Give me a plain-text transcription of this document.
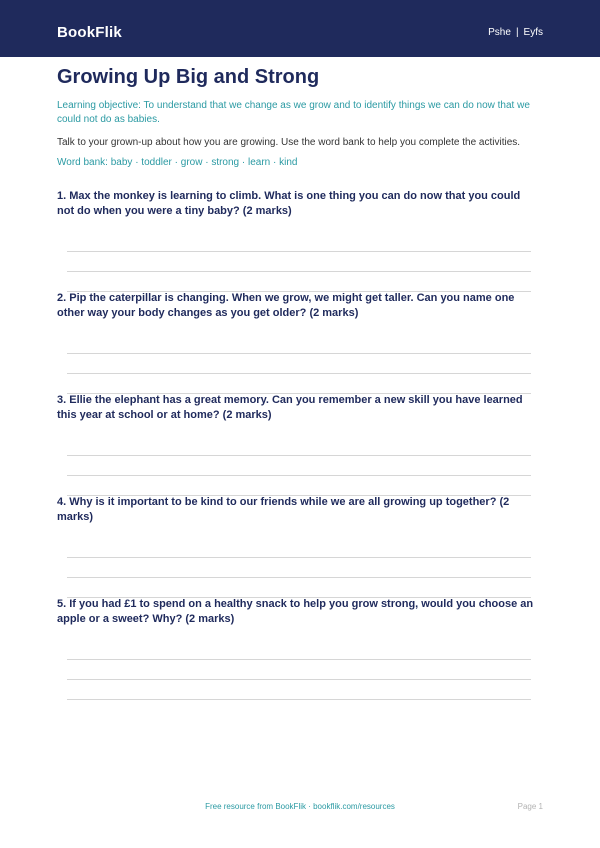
BookFlik	Pshe | Eyfs
Growing Up Big and Strong
Learning objective: To understand that we change as we grow and to identify things we can do now that we could not do as babies.
Talk to your grown-up about how you are growing. Use the word bank to help you complete the activities.
Word bank: baby · toddler · grow · strong · learn · kind
1. Max the monkey is learning to climb. What is one thing you can do now that you could not do when you were a tiny baby? (2 marks)
2. Pip the caterpillar is changing. When we grow, we might get taller. Can you name one other way your body changes as you get older? (2 marks)
3. Ellie the elephant has a great memory. Can you remember a new skill you have learned this year at school or at home? (2 marks)
4. Why is it important to be kind to our friends while we are all growing up together? (2 marks)
5. If you had £1 to spend on a healthy snack to help you grow strong, would you choose an apple or a sweet? Why? (2 marks)
Free resource from BookFlik · bookflik.com/resources	Page 1
